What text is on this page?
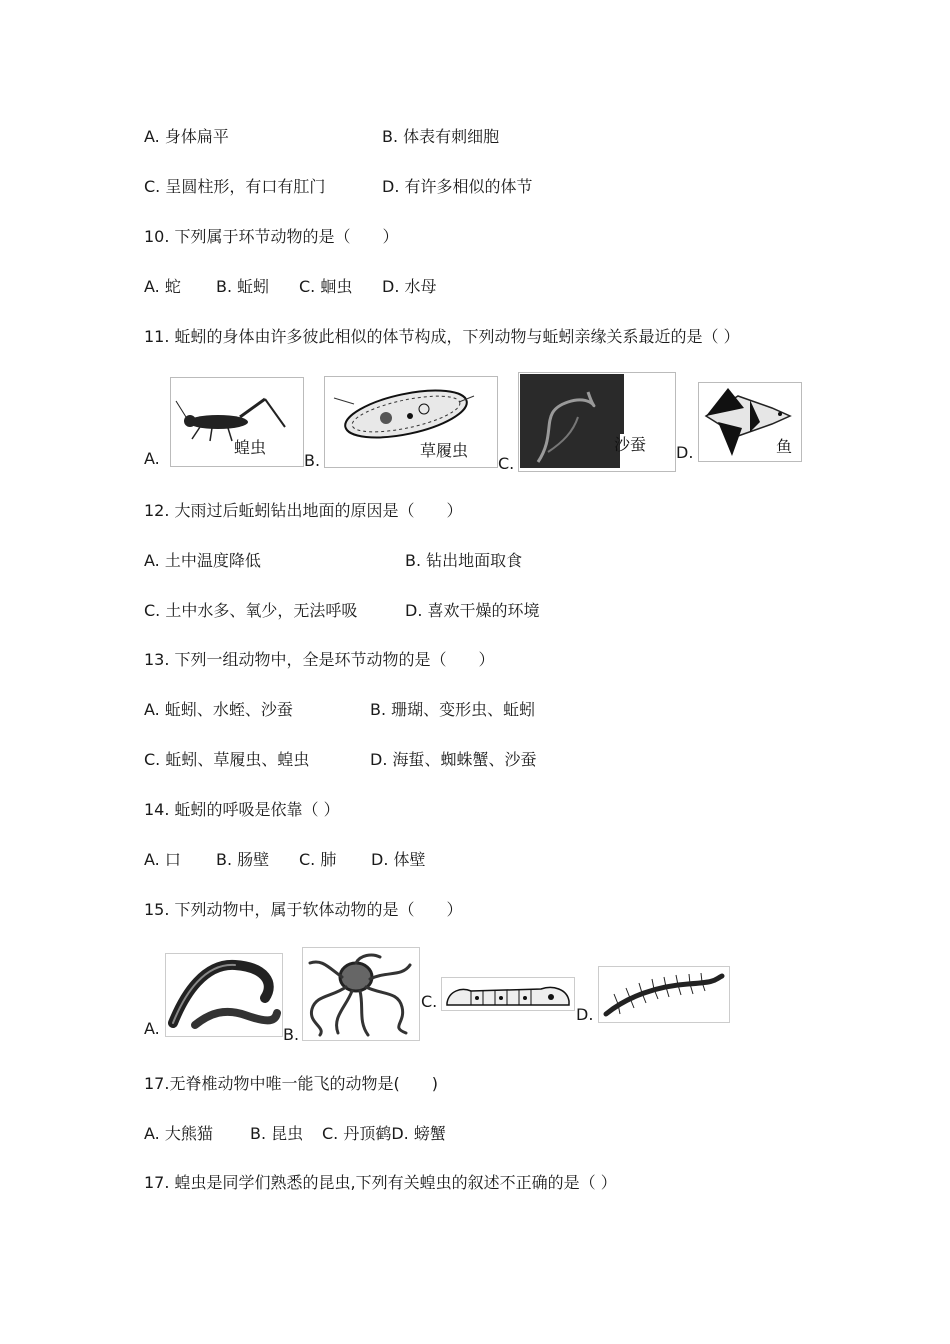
A. 身体扁平	B. 体表有刺细胞
C. 呈圆柱形，有口有肛门	D. 有许多相似的体节
10. 下列属于环节动物的是（　　）
A. 蛇 B. 蚯蚓 C. 蛔虫 D. 水母
11. 蚯蚓的身体由许多彼此相似的体节构成，下列动物与蚯蚓亲缘关系最近的是（ ）
A.
蝗虫
B.
草履虫
C.
沙蚕 D.	鱼
12. 大雨过后蚯蚓钻出地面的原因是（　　）
A. 土中温度降低	B. 钻出地面取食
C. 土中水多、氧少，无法呼吸	D. 喜欢干燥的环境
13. 下列一组动物中，全是环节动物的是（　　）
A. 蚯蚓、水蛭、沙蚕	B. 珊瑚、变形虫、蚯蚓
C. 蚯蚓、草履虫、蝗虫	D. 海蜇、蜘蛛蟹、沙蚕
14. 蚯蚓的呼吸是依靠（ ）
A. 口 B. 肠壁 C. 肺 D. 体壁
15. 下列动物中，属于软体动物的是（　　）
A.	B.
C.
D.
17.无脊椎动物中唯一能飞的动物是(　　)
A. 大熊猫 B. 昆虫 C. 丹顶鹤D. 螃蟹
17. 蝗虫是同学们熟悉的昆虫,下列有关蝗虫的叙述不正确的是（ ）
